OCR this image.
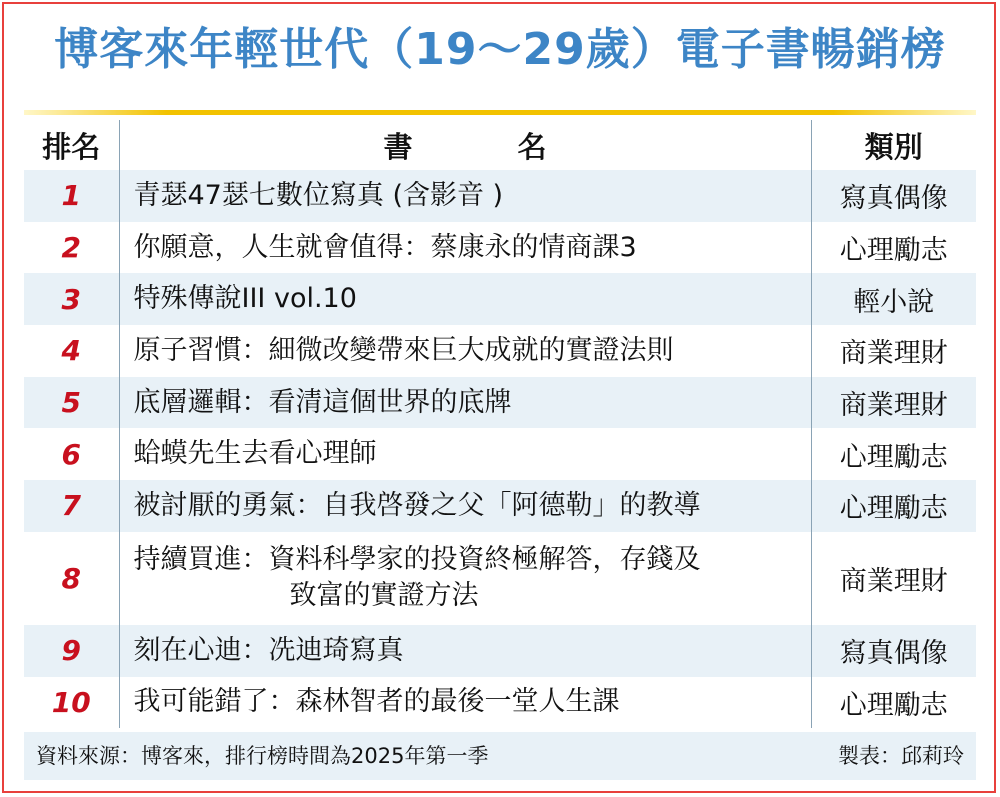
博客來年輕世代（19～29歲）電子書暢銷榜
排名	書　名	類別
1	青瑟47瑟七數位寫真 (含影音 )	寫真偶像
2	你願意，人生就會值得：蔡康永的情商課3	心理勵志
3	特殊傳說III vol.10	輕小說
4	原子習慣：細微改變帶來巨大成就的實證法則	商業理財
5	底層邏輯：看清這個世界的底牌	商業理財
6	蛤蟆先生去看心理師	心理勵志
7	被討厭的勇氣：自我啓發之父「阿德勒」的教導	心理勵志
8	持續買進：資料科學家的投資終極解答，存錢及
致富的實證方法	商業理財
9	刻在心迪：冼迪琦寫真	寫真偶像
10	我可能錯了：森林智者的最後一堂人生課	心理勵志
資料來源：博客來，排行榜時間為2025年第一季	製表：邱莉玲
